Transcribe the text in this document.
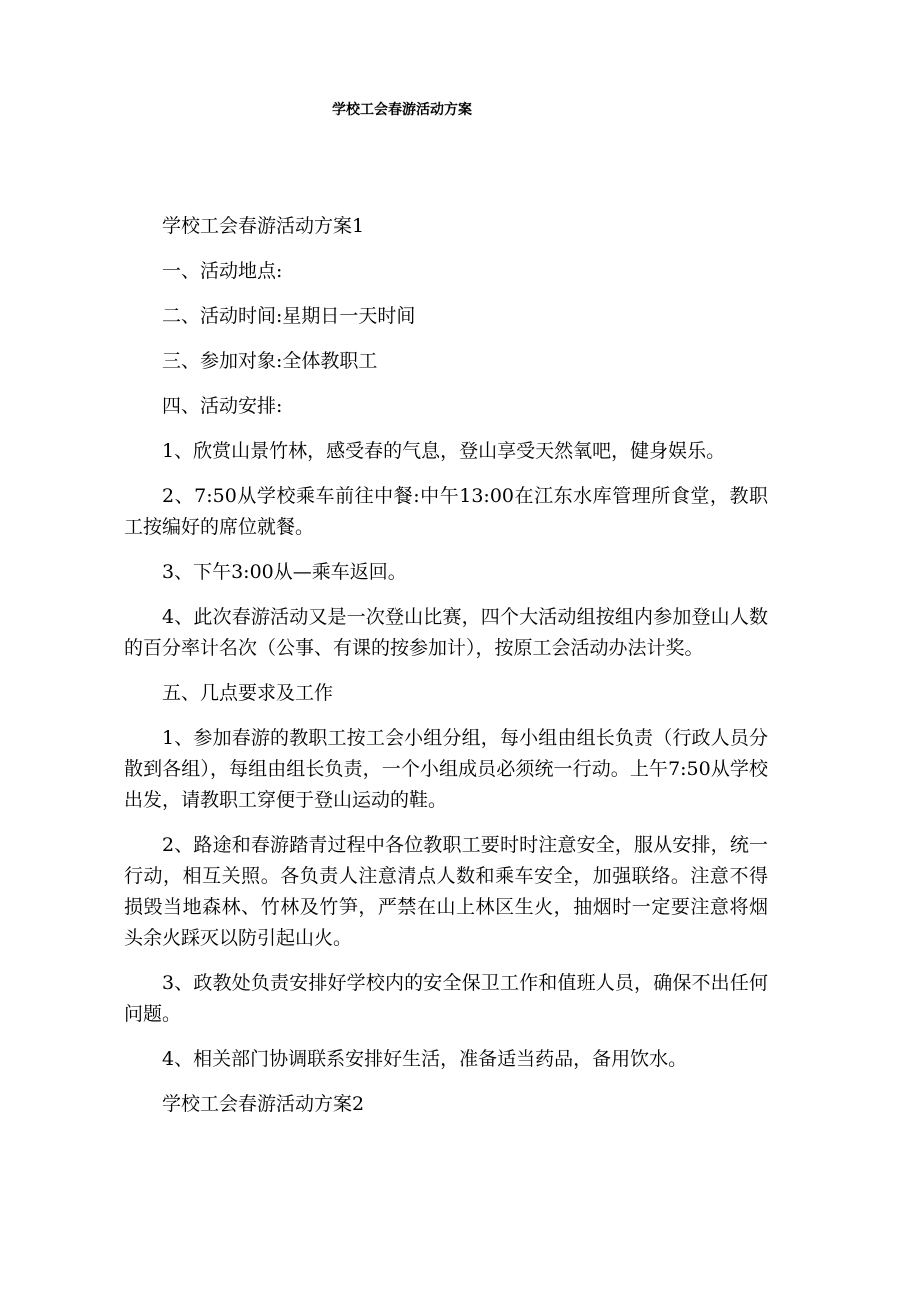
学校工会春游活动方案

学校工会春游活动方案1

一、活动地点:

二、活动时间:星期日一天时间

三、参加对象:全体教职工

四、活动安排:

1、欣赏山景竹林，感受春的气息，登山享受天然氧吧，健身娱乐。

2、7:50从学校乘车前往中餐:中午13:00在江东水库管理所食堂，教职工按编好的席位就餐。

3、下午3:00从—乘车返回。

4、此次春游活动又是一次登山比赛，四个大活动组按组内参加登山人数的百分率计名次（公事、有课的按参加计），按原工会活动办法计奖。

五、几点要求及工作

1、参加春游的教职工按工会小组分组，每小组由组长负责（行政人员分散到各组），每组由组长负责，一个小组成员必须统一行动。上午7:50从学校出发，请教职工穿便于登山运动的鞋。

2、路途和春游踏青过程中各位教职工要时时注意安全，服从安排，统一行动，相互关照。各负责人注意清点人数和乘车安全，加强联络。注意不得损毁当地森林、竹林及竹笋，严禁在山上林区生火，抽烟时一定要注意将烟头余火踩灭以防引起山火。

3、政教处负责安排好学校内的安全保卫工作和值班人员，确保不出任何问题。

4、相关部门协调联系安排好生活，准备适当药品，备用饮水。

学校工会春游活动方案2
